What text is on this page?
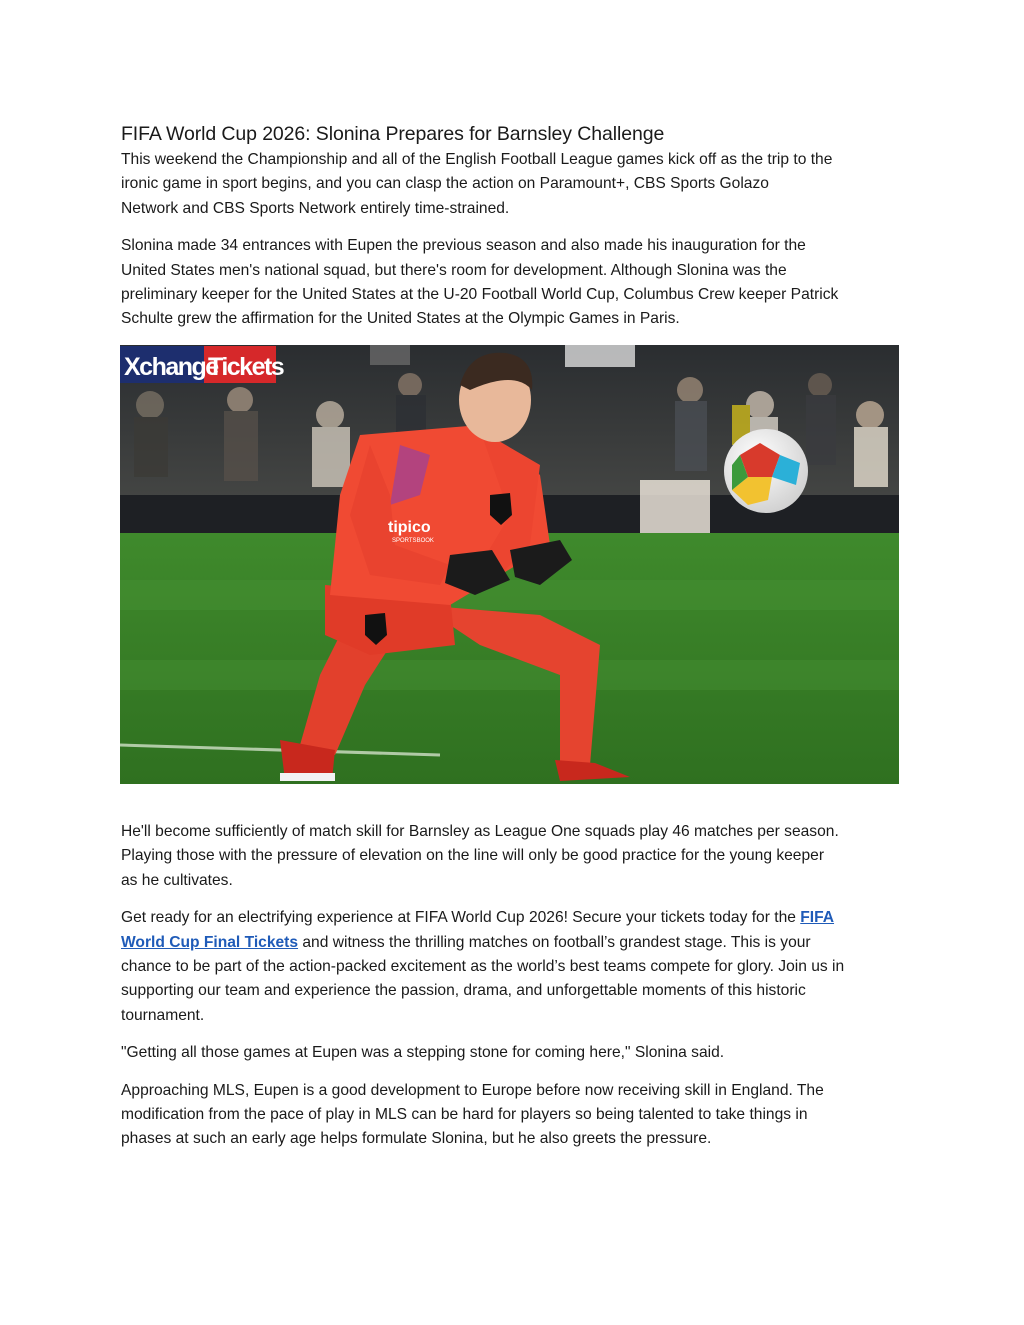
FIFA World Cup 2026: Slonina Prepares for Barnsley Challenge

This weekend the Championship and all of the English Football League games kick off as the trip to the
ironic game in sport begins, and you can clasp the action on Paramount+, CBS Sports Golazo
Network and CBS Sports Network entirely time-strained.

Slonina made 34 entrances with Eupen the previous season and also made his inauguration for the
United States men's national squad, but there's room for development. Although Slonina was the
preliminary keeper for the United States at the U-20 Football World Cup, Columbus Crew keeper Patrick
Schulte grew the affirmation for the United States at the Olympic Games in Paris.

tipico
SPORTSBOOK
Xchange
Tickets

He'll become sufficiently of match skill for Barnsley as League One squads play 46 matches per season.
Playing those with the pressure of elevation on the line will only be good practice for the young keeper
as he cultivates.

Get ready for an electrifying experience at FIFA World Cup 2026! Secure your tickets today for the FIFA
World Cup Final Tickets and witness the thrilling matches on football’s grandest stage. This is your
chance to be part of the action-packed excitement as the world’s best teams compete for glory. Join us in
supporting our team and experience the passion, drama, and unforgettable moments of this historic
tournament.

"Getting all those games at Eupen was a stepping stone for coming here," Slonina said.

Approaching MLS, Eupen is a good development to Europe before now receiving skill in England. The
modification from the pace of play in MLS can be hard for players so being talented to take things in
phases at such an early age helps formulate Slonina, but he also greets the pressure.
